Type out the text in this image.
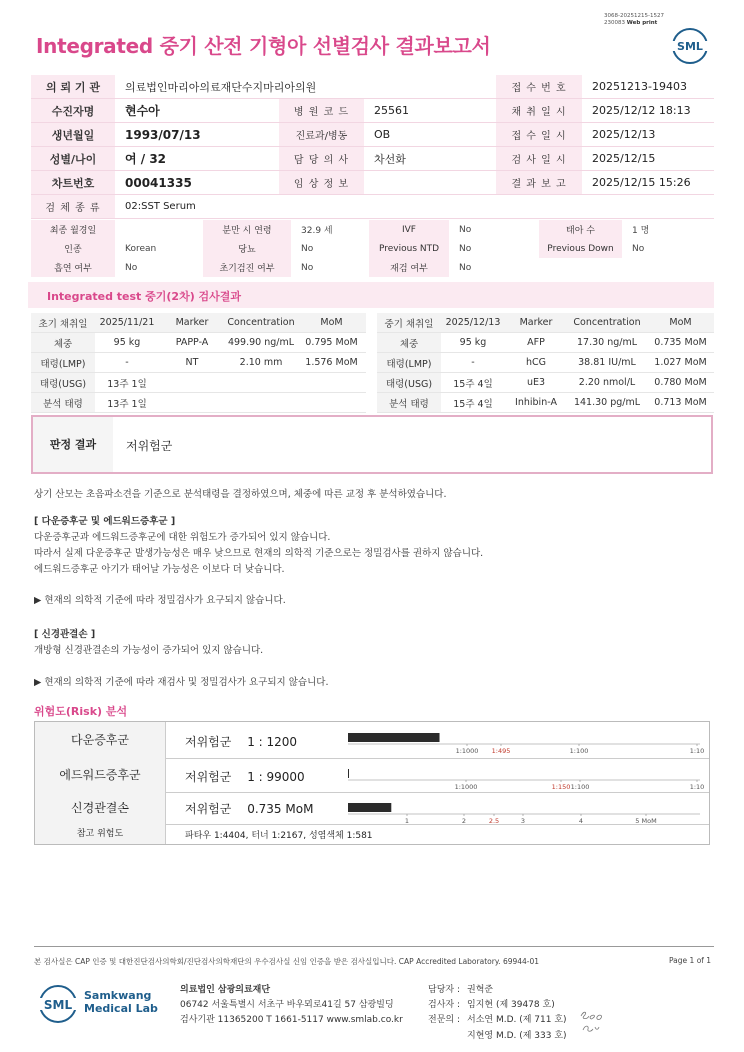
3068-20251215-1527
230083 Web print
Integrated 중기 산전 기형아 선별검사 결과보고서	SML
의 뢰 기 관	의료법인마리아의료재단수지마리아의원			접 수 번 호	20251213-19403
수진자명	현수아	병 원 코 드	25561	채 취 일 시	2025/12/12 18:13
생년월일	1993/07/13	진료과/병동	OB	접 수 일 시	2025/12/13
성별/나이	여 / 32	담 당 의 사	차선화	검 사 일 시	2025/12/15
차트번호	00041335	임 상 정 보		결 과 보 고	2025/12/15 15:26
검 체 종 류	02:SST Serum				
최종 월경일		분만 시 연령	32.9 세	IVF	No	태아 수	1 명
인종	Korean	당뇨	No	Previous NTD	No	Previous Down	No
흡연 여부	No	초기검진 여부	No	재검 여부	No		
Integrated test 중기(2차) 검사결과
초기 채취일	2025/11/21	Marker	Concentration	MoM
체중	95 kg	PAPP-A	499.90 ng/mL	0.795 MoM
태령(LMP)	-	NT	2.10 mm	1.576 MoM
태령(USG)	13주 1일			
분석 태령	13주 1일			
중기 채취일	2025/12/13	Marker	Concentration	MoM
체중	95 kg	AFP	17.30 ng/mL	0.735 MoM
태령(LMP)	-	hCG	38.81 IU/mL	1.027 MoM
태령(USG)	15주 4일	uE3	2.20 nmol/L	0.780 MoM
분석 태령	15주 4일	Inhibin-A	141.30 pg/mL	0.713 MoM
판정 결과	저위험군
상기 산모는 초음파소견을 기준으로 분석태령을 결정하였으며, 체중에 따른 교정 후 분석하였습니다.
[ 다운증후군 및 에드워드증후군 ]
다운증후군과 에드워드증후군에 대한 위험도가 증가되어 있지 않습니다.
따라서 실제 다운증후군 발생가능성은 매우 낮으므로 현재의 의학적 기준으로는 정밀검사를 권하지 않습니다.
에드워드증후군 아기가 태어날 가능성은 이보다 더 낮습니다.
▶ 현재의 의학적 기준에 따라 정밀검사가 요구되지 않습니다.
[ 신경관결손 ]
개방형 신경관결손의 가능성이 증가되어 있지 않습니다.
▶ 현재의 의학적 기준에 따라 재검사 및 정밀검사가 요구되지 않습니다.
위험도(Risk) 분석
다운증후군	저위험군 1 : 1200
에드워드증후군	저위험군 1 : 99000
신경관결손	저위험군 0.735 MoM
참고 위험도	파타우 1:4404, 터너 1:2167, 성염색체 1:581
1:1000 1:495	1:100	1:10
1:1000	1:150 1:100	1:10
1	2	2.5	3	4	5 MoM
본 검사실은 CAP 인증 및 대한진단검사의학회/진단검사의학재단의 우수검사실 신임 인증을 받은 검사실입니다. CAP Accredited Laboratory. 69944-01	Page 1 of 1
SML
Samkwang
Medical Lab
의료법인 삼광의료재단
06742 서울특별시 서초구 바우뫼로41길 57 삼광빌딩
검사기관 11365200 T 1661-5117 www.smlab.co.kr
담당자 : 권혁준
검사자 : 임지현 (제 39478 호)
전문의 : 서소연 M.D. (제 711 호)
지현영 M.D. (제 333 호)
